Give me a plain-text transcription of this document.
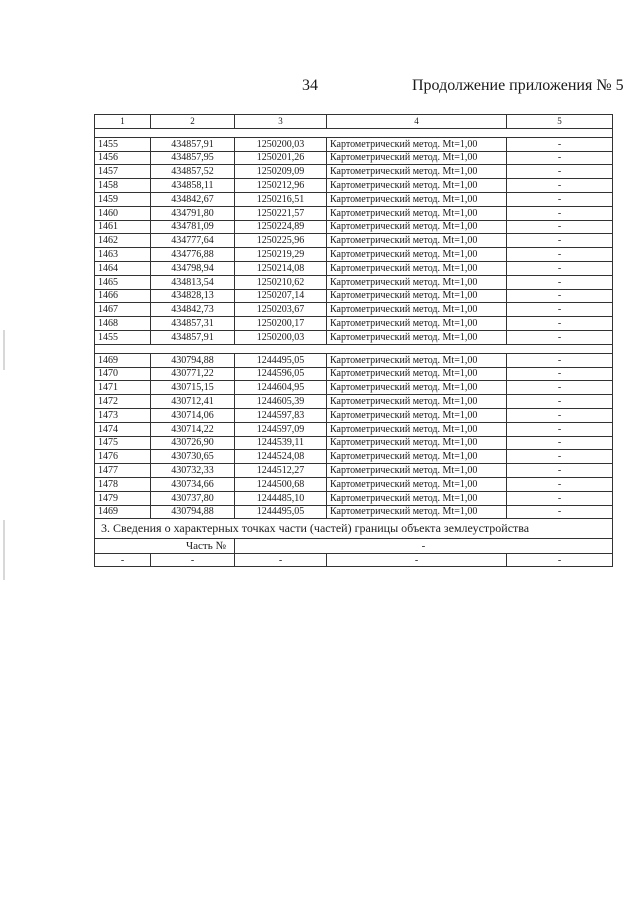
34	Продолжение приложения № 5
1	2	3	4	5

1455	434857,91	1250200,03	Картометрический метод. Mt=1,00	-
1456	434857,95	1250201,26	Картометрический метод. Mt=1,00	-
1457	434857,52	1250209,09	Картометрический метод. Mt=1,00	-
1458	434858,11	1250212,96	Картометрический метод. Mt=1,00	-
1459	434842,67	1250216,51	Картометрический метод. Mt=1,00	-
1460	434791,80	1250221,57	Картометрический метод. Mt=1,00	-
1461	434781,09	1250224,89	Картометрический метод. Mt=1,00	-
1462	434777,64	1250225,96	Картометрический метод. Mt=1,00	-
1463	434776,88	1250219,29	Картометрический метод. Mt=1,00	-
1464	434798,94	1250214,08	Картометрический метод. Mt=1,00	-
1465	434813,54	1250210,62	Картометрический метод. Mt=1,00	-
1466	434828,13	1250207,14	Картометрический метод. Mt=1,00	-
1467	434842,73	1250203,67	Картометрический метод. Mt=1,00	-
1468	434857,31	1250200,17	Картометрический метод. Mt=1,00	-
1455	434857,91	1250200,03	Картометрический метод. Mt=1,00	-

1469	430794,88	1244495,05	Картометрический метод. Mt=1,00	-
1470	430771,22	1244596,05	Картометрический метод. Mt=1,00	-
1471	430715,15	1244604,95	Картометрический метод. Mt=1,00	-
1472	430712,41	1244605,39	Картометрический метод. Mt=1,00	-
1473	430714,06	1244597,83	Картометрический метод. Mt=1,00	-
1474	430714,22	1244597,09	Картометрический метод. Mt=1,00	-
1475	430726,90	1244539,11	Картометрический метод. Mt=1,00	-
1476	430730,65	1244524,08	Картометрический метод. Mt=1,00	-
1477	430732,33	1244512,27	Картометрический метод. Mt=1,00	-
1478	430734,66	1244500,68	Картометрический метод. Mt=1,00	-
1479	430737,80	1244485,10	Картометрический метод. Mt=1,00	-
1469	430794,88	1244495,05	Картометрический метод. Mt=1,00	-
3. Сведения о характерных точках части (частей) границы объекта землеустройства				
Часть №		-		
-	-	-	-	-
